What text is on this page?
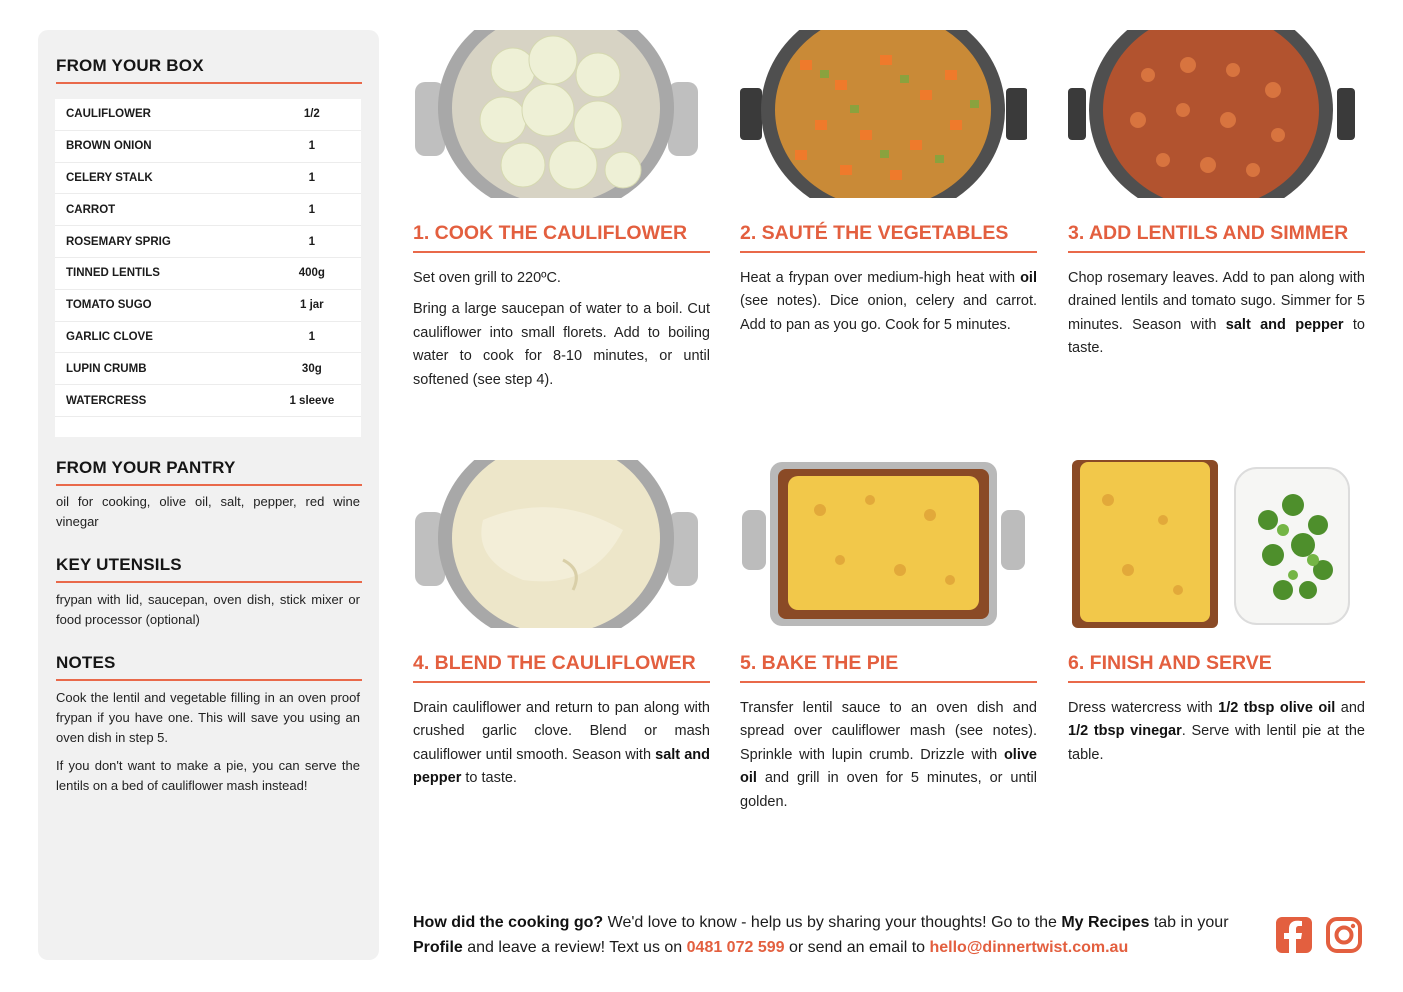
FROM YOUR BOX
CAULIFLOWER	1/2
BROWN ONION	1
CELERY STALK	1
CARROT	1
ROSEMARY SPRIG	1
TINNED LENTILS	400g
TOMATO SUGO	1 jar
GARLIC CLOVE	1
LUPIN CRUMB	30g
WATERCRESS	1 sleeve
FROM YOUR PANTRY

oil for cooking, olive oil, salt, pepper, red wine vinegar

KEY UTENSILS

frypan with lid, saucepan, oven dish, stick mixer or food processor (optional)

NOTES

Cook the lentil and vegetable filling in an oven proof frypan if you have one. This will save you using an oven dish in step 5.

If you don't want to make a pie, you can serve the lentils on a bed of cauliflower mash instead!

1. COOK THE CAULIFLOWER

Set oven grill to 220ºC.

Bring a large saucepan of water to a boil. Cut cauliflower into small florets. Add to boiling water to cook for 8-10 minutes, or until softened (see step 4).

2. SAUTÉ THE VEGETABLES

Heat a frypan over medium-high heat with oil (see notes). Dice onion, celery and carrot. Add to pan as you go. Cook for 5 minutes.

3. ADD LENTILS AND SIMMER

Chop rosemary leaves. Add to pan along with drained lentils and tomato sugo. Simmer for 5 minutes. Season with salt and pepper to taste.

4. BLEND THE CAULIFLOWER

Drain cauliflower and return to pan along with crushed garlic clove. Blend or mash cauliflower until smooth. Season with salt and pepper to taste.

5. BAKE THE PIE

Transfer lentil sauce to an oven dish and spread over cauliflower mash (see notes). Sprinkle with lupin crumb. Drizzle with olive oil and grill in oven for 5 minutes, or until golden.

6. FINISH AND SERVE

Dress watercress with 1/2 tbsp olive oil and 1/2 tbsp vinegar. Serve with lentil pie at the table.

How did the cooking go? We'd love to know - help us by sharing your thoughts! Go to the My Recipes tab in your Profile and leave a review! Text us on 0481 072 599 or send an email to hello@dinnertwist.com.au
